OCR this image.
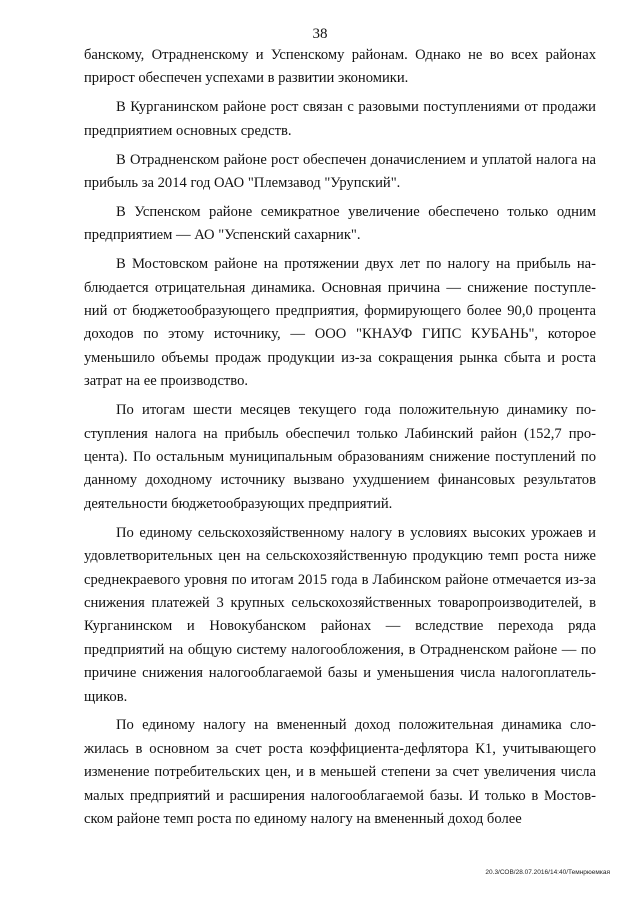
38

банскому, Отрадненскому и Успенскому районам. Однако не во всех районах прирост обеспечен успехами в развитии экономики.

В Курганинском районе рост связан с разовыми поступлениями от продажи предприятием основных средств.

В Отрадненском районе рост обеспечен доначислением и уплатой налога на прибыль за 2014 год ОАО "Племзавод "Урупский".

В Успенском районе семикратное увеличение обеспечено только одним предприятием — АО "Успенский сахарник".

В Мостовском районе на протяжении двух лет по налогу на прибыль наблюдается отрицательная динамика. Основная причина — снижение поступлений от бюджетообразующего предприятия, формирующего более 90,0 процента доходов по этому источнику, — ООО "КНАУФ ГИПС КУБАНЬ", которое уменьшило объемы продаж продукции из-за сокращения рынка сбыта и роста затрат на ее производство.

По итогам шести месяцев текущего года положительную динамику поступления налога на прибыль обеспечил только Лабинский район (152,7 процента). По остальным муниципальным образованиям снижение поступлений по данному доходному источнику вызвано ухудшением финансовых результатов деятельности бюджетообразующих предприятий.

По единому сельскохозяйственному налогу в условиях высоких урожаев и удовлетворительных цен на сельскохозяйственную продукцию темп роста ниже среднекраевого уровня по итогам 2015 года в Лабинском районе отмечается из-за снижения платежей 3 крупных сельскохозяйственных товаропроизводителей, в Курганинском и Новокубанском районах — вследствие перехода ряда предприятий на общую систему налогообложения, в Отрадненском районе — по причине снижения налогооблагаемой базы и уменьшения числа налогоплательщиков.

По единому налогу на вмененный доход положительная динамика сложилась в основном за счет роста коэффициента-дефлятора К1, учитывающего изменение потребительских цен, и в меньшей степени за счет увеличения числа малых предприятий и расширения налогооблагаемой базы. И только в Мостовском районе темп роста по единому налогу на вмененный доход более

20.3/СОВ/28.07.2016/14:40/Темнрюемкая
